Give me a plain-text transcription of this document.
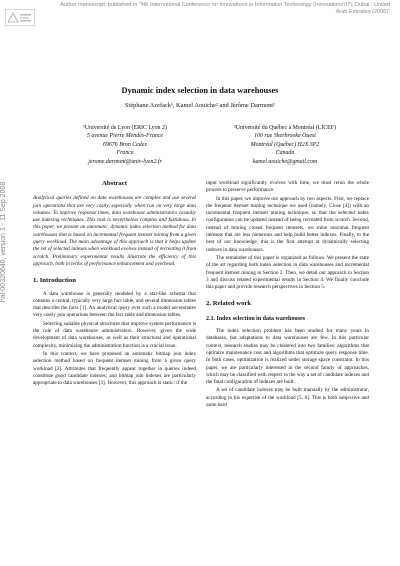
Author manuscript, published in "4th International Conference on Innovations in Information Technology (Innovations'07), Dubai : United Arab Emirates (2006)"
hal-00320640, version 1 - 11 Sep 2008
Dynamic index selection in data warehouses
Stéphane Azefack¹, Kamel Aouiche² and Jérôme Darmont¹
¹Université de Lyon (ERIC Lyon 2)
5 avenue Pierre Mendès-France
69676 Bron Cedex
France
jerome.darmont@univ-lyon2.fr
²Université du Québec à Montréal (LICEF)
100 rue Sherbrooke Ouest
Montréal (Québec) H2X 3P2
Canada
kamel.aouiche@gmail.com
Abstract

Analytical queries defined on data warehouses are complex and use several join operations that are very costly, especially when run on very large data volumes. To improve response times, data warehouse administrators casually use indexing techniques. This task is nevertheless complex and fastidious. In this paper, we present an automatic, dynamic index selection method for data warehouses that is based on incremental frequent itemset mining from a given query workload. The main advantage of this approach is that it helps update the set of selected indexes when workload evolves instead of recreating it from scratch. Preliminary experimental results illustrate the efficiency of this approach, both in terms of performance enhancement and overhead.

1. Introduction

A data warehouse is generally modeled by a star-like schema that contains a central, typically very large fact table, and several dimension tables that describe the facts [1]. An analytical query over such a model necessitates very costly join operations between the fact table and dimension tables.

Selecting suitable physical structures that improve system performance is the role of data warehouse administrators. However, given the wide development of data warehouses, as well as their structural and operational complexity, minimizing the administration function is a crucial issue.

In this context, we have proposed an automatic bitmap join index selection method based on frequent itemset mining from a given query workload [2]. Attributes that frequently appear together in queries indeed constitute good candidate indexes; and bitmap join indexes are particularly appropriate to data warehouses [3]. However, this approach is static: if the

input workload significantly evolves with time, we must rerun the whole process to preserve performance.

In this paper, we improve our approach by two aspects. First, we replace the frequent itemset mining technique we used (namely, Close [4]) with an incremental frequent itemset mining technique, so that the selected index configuration can be updated instead of being recreated from scratch. Second, instead of mining closed frequent itemsets, we mine maximal frequent itemsets that are less numerous and help build better indexes. Finally, to the best of our knowledge, this is the first attempt at dynamically selecting indexes in data warehouses.

The remainder of this paper is organized as follows. We present the state of the art regarding both index selection in data warehouses and incremental frequent itemset mining in Section 2. Then, we detail our approach in Section 3 and discuss related experimental results in Section 4. We finally conclude this paper and provide research perspectives in Section 5.

2. Related work
2.1. Index selection in data warehouses

The index selection problem has been studied for many years in databases, but adaptations to data warehouses are few. In this particular context, research studies may be clustered into two families: algorithms that optimize maintenance cost and algorithms that optimize query response time. In both cases, optimization is realized under storage space constraint. In this paper, we are particularly interested in the second family of approaches, which may be classified with respect to the way a set of candidate indexes and the final configuration of indexes are built.

A set of candidate indexes may be built manually by the administrator, according to his expertise of the workload [5, 6]. This is both subjective and quite hard
